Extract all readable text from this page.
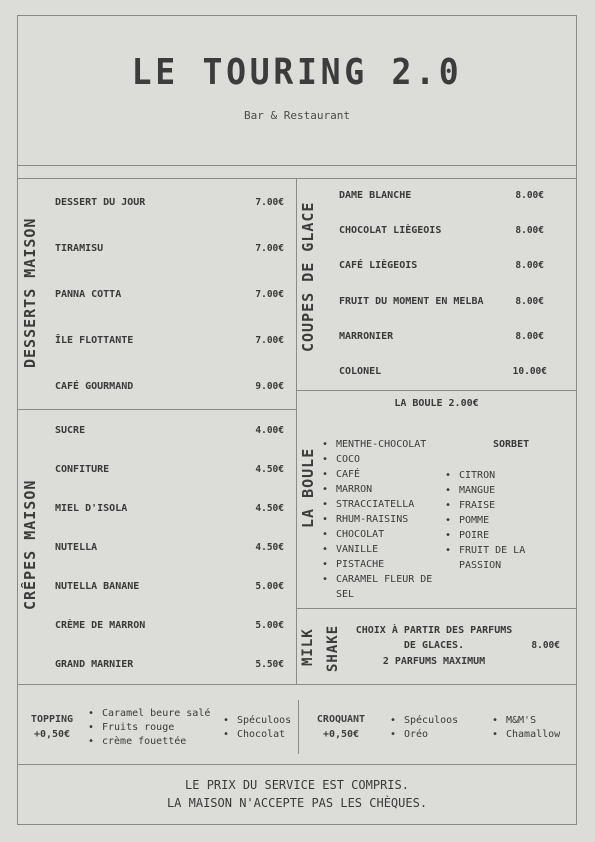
LE TOURING 2.0
Bar & Restaurant
DESSERTS MAISON
DESSERT DU JOUR	7.00€
TIRAMISU	7.00€
PANNA COTTA	7.00€
ÎLE FLOTTANTE	7.00€
CAFÉ GOURMAND	9.00€
CRÊPES MAISON
SUCRE	4.00€
CONFITURE	4.50€
MIEL D'ISOLA	4.50€
NUTELLA	4.50€
NUTELLA BANANE	5.00€
CRÈME DE MARRON	5.00€
GRAND MARNIER	5.50€
COUPES DE GLACE
DAME BLANCHE	8.00€
CHOCOLAT LIÈGEOIS	8.00€
CAFÉ LIÈGEOIS	8.00€
FRUIT DU MOMENT EN MELBA	8.00€
MARRONIER	8.00€
COLONEL	10.00€
LA BOULE 2.00€
LA BOULE
• MENTHE-CHOCOLAT
• COCO
• CAFÉ
• MARRON
• STRACCIATELLA
• RHUM-RAISINS
• CHOCOLAT
• VANILLE
• PISTACHE
• CARAMEL FLEUR DE SEL
SORBET
• CITRON
• MANGUE
• FRAISE
• POMME
• POIRE
• FRUIT DE LA PASSION
MILK SHAKE	CHOIX À PARTIR DES PARFUMS
DE GLACES.	8.00€
2 PARFUMS MAXIMUM
TOPPING
+0,50€
• Caramel beure salé
• Fruits rouge
• crème fouettée
• Spéculoos
• Chocolat
CROQUANT
+0,50€
• Spéculoos
• Oréo
• M&M'S
• Chamallow
LE PRIX DU SERVICE EST COMPRIS.
LA MAISON N'ACCEPTE PAS LES CHÈQUES.
